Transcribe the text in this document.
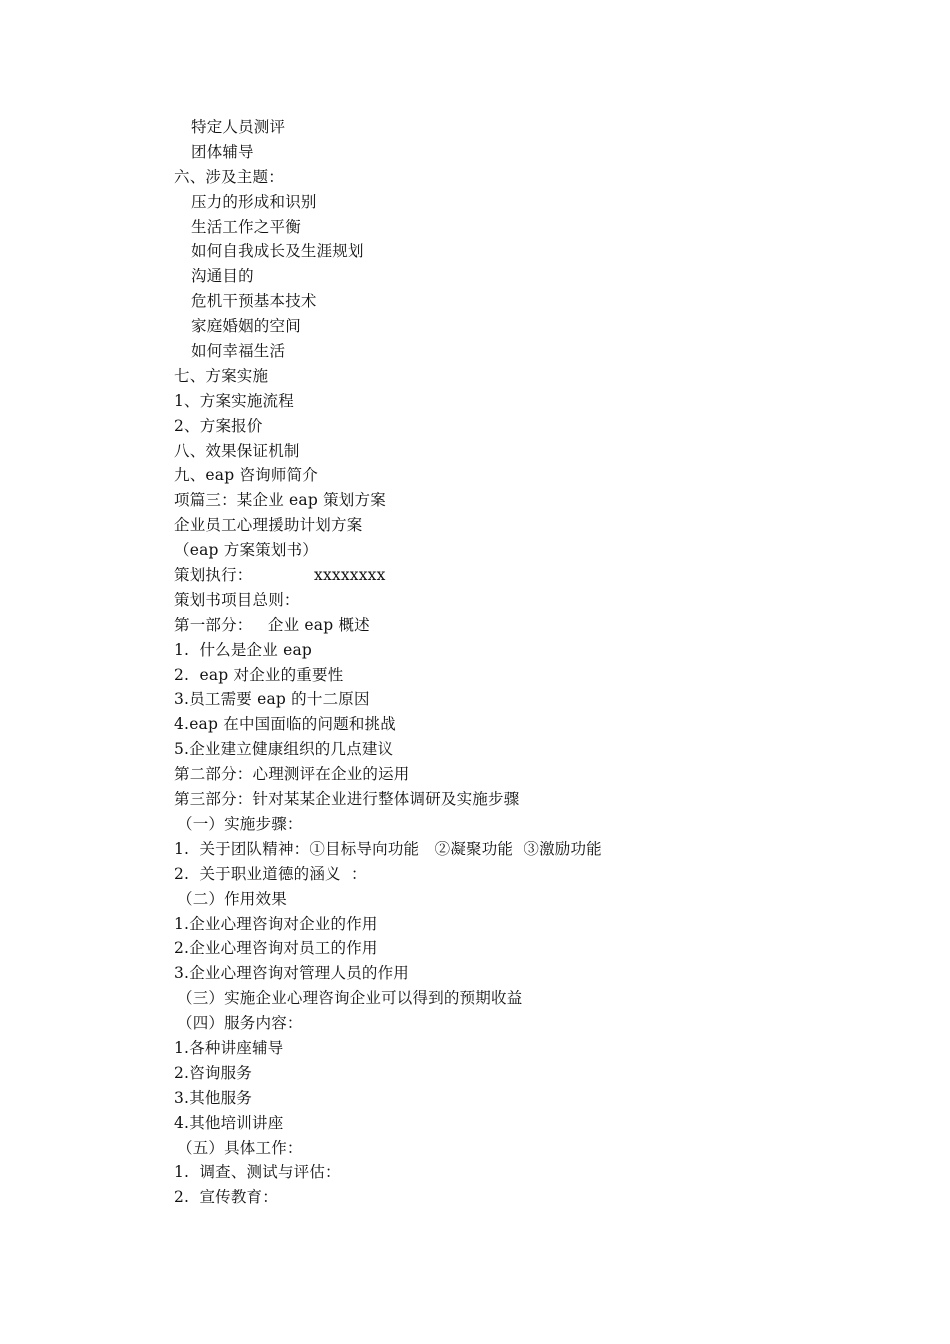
特定人员测评
团体辅导
六、涉及主题：
压力的形成和识别
生活工作之平衡
如何自我成长及生涯规划
沟通目的
危机干预基本技术
家庭婚姻的空间
如何幸福生活
七、方案实施
1、方案实施流程
2、方案报价
八、效果保证机制
九、eap 咨询师简介
项篇三：某企业 eap 策划方案
企业员工心理援助计划方案
（eap 方案策划书）
策划执行：            xxxxxxxx
策划书项目总则：
第一部分：   企业 eap 概述
1.  什么是企业 eap
2.  eap 对企业的重要性
3.员工需要 eap 的十二原因
4.eap 在中国面临的问题和挑战
5.企业建立健康组织的几点建议
第二部分：心理测评在企业的运用
第三部分：针对某某企业进行整体调研及实施步骤
（一）实施步骤：
1.  关于团队精神：①目标导向功能   ②凝聚功能  ③激励功能
2.  关于职业道德的涵义  ：
（二）作用效果
1.企业心理咨询对企业的作用
2.企业心理咨询对员工的作用
3.企业心理咨询对管理人员的作用
（三）实施企业心理咨询企业可以得到的预期收益
（四）服务内容：
1.各种讲座辅导
2.咨询服务
3.其他服务
4.其他培训讲座
（五）具体工作：
1.  调查、测试与评估：
2.  宣传教育：
